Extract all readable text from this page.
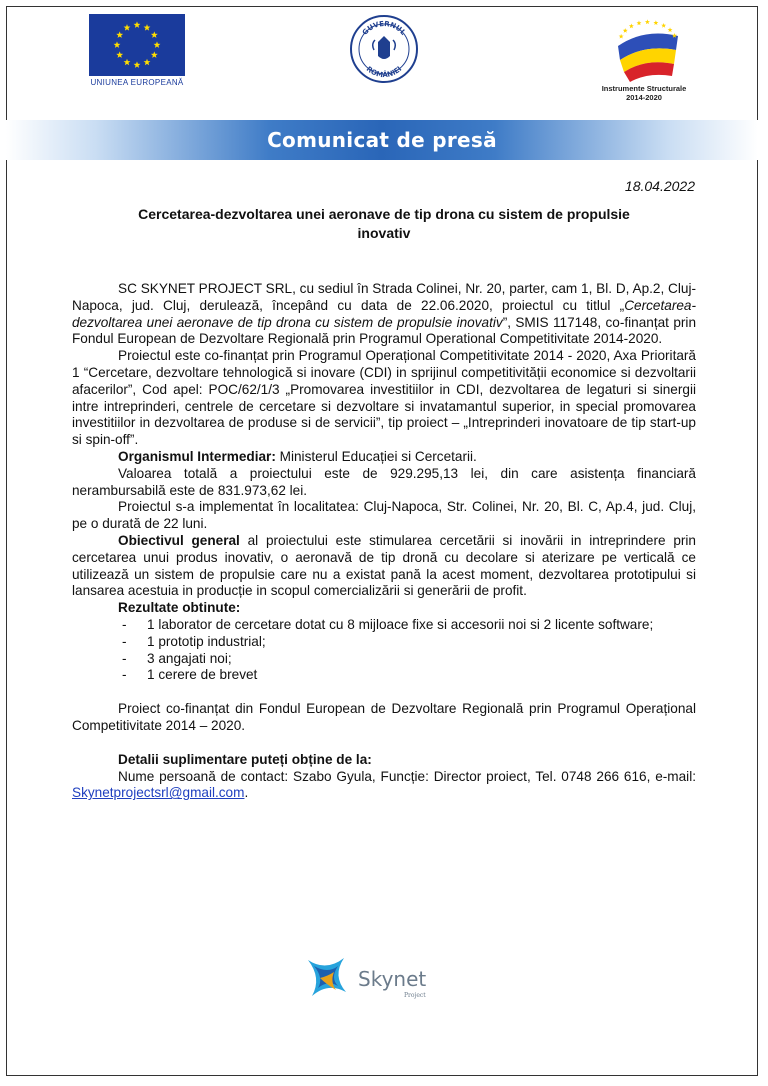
UNIUNEA EUROPEANĂ
GUVERNUL
ROMÂNIEI
Instrumente Structurale
2014-2020
Comunicat de presă
18.04.2022
Cercetarea-dezvoltarea unei aeronave de tip drona cu sistem de propulsie
inovativ

SC SKYNET PROJECT SRL, cu sediul în Strada Colinei, Nr. 20, parter, cam 1, Bl. D, Ap.2, Cluj-Napoca, jud. Cluj, derulează, începând cu data de 22.06.2020, proiectul cu titlul „Cercetarea-dezvoltarea unei aeronave de tip drona cu sistem de propulsie inovativ”, SMIS 117148, co-finanțat prin Fondul European de Dezvoltare Regională prin Programul Operational Competitivitate 2014-2020.

Proiectul este co-finanțat prin Programul Operațional Competitivitate 2014 - 2020, Axa Prioritară 1 “Cercetare, dezvoltare tehnologică si inovare (CDI) in sprijinul competitivității economice si dezvoltarii afacerilor”, Cod apel: POC/62/1/3 „Promovarea investitiilor in CDI, dezvoltarea de legaturi si sinergii intre intreprinderi, centrele de cercetare si dezvoltare si invatamantul superior, in special promovarea investitiilor in dezvoltarea de produse si de servicii”, tip proiect – „Intreprinderi inovatoare de tip start-up si spin-off”.

Organismul Intermediar: Ministerul Educației si Cercetarii.

Valoarea totală a proiectului este de 929.295,13 lei, din care asistența financiară nerambursabilă este de 831.973,62 lei.

Proiectul s-a implementat în localitatea: Cluj-Napoca, Str. Colinei, Nr. 20, Bl. C, Ap.4, jud. Cluj, pe o durată de 22 luni.

Obiectivul general al proiectului este stimularea cercetării si inovării in intreprindere prin cercetarea unui produs inovativ, o aeronavă de tip dronă cu decolare si aterizare pe verticală ce utilizează un sistem de propulsie care nu a existat pană la acest moment, dezvoltarea prototipului si lansarea acestuia in producție in scopul comercializării si generării de profit.

Rezultate obtinute:

- 1 laborator de cercetare dotat cu 8 mijloace fixe si accesorii noi si 2 licente software;
- 1 prototip industrial;
- 3 angajati noi;
- 1 cerere de brevet

Proiect co-finanțat din Fondul European de Dezvoltare Regională prin Programul Operațional Competitivitate 2014 – 2020.

Detalii suplimentare puteți obține de la:

Nume persoană de contact: Szabo Gyula, Funcție: Director proiect, Tel. 0748 266 616, e-mail: Skynetprojectsrl@gmail.com.

Skynet
Project
